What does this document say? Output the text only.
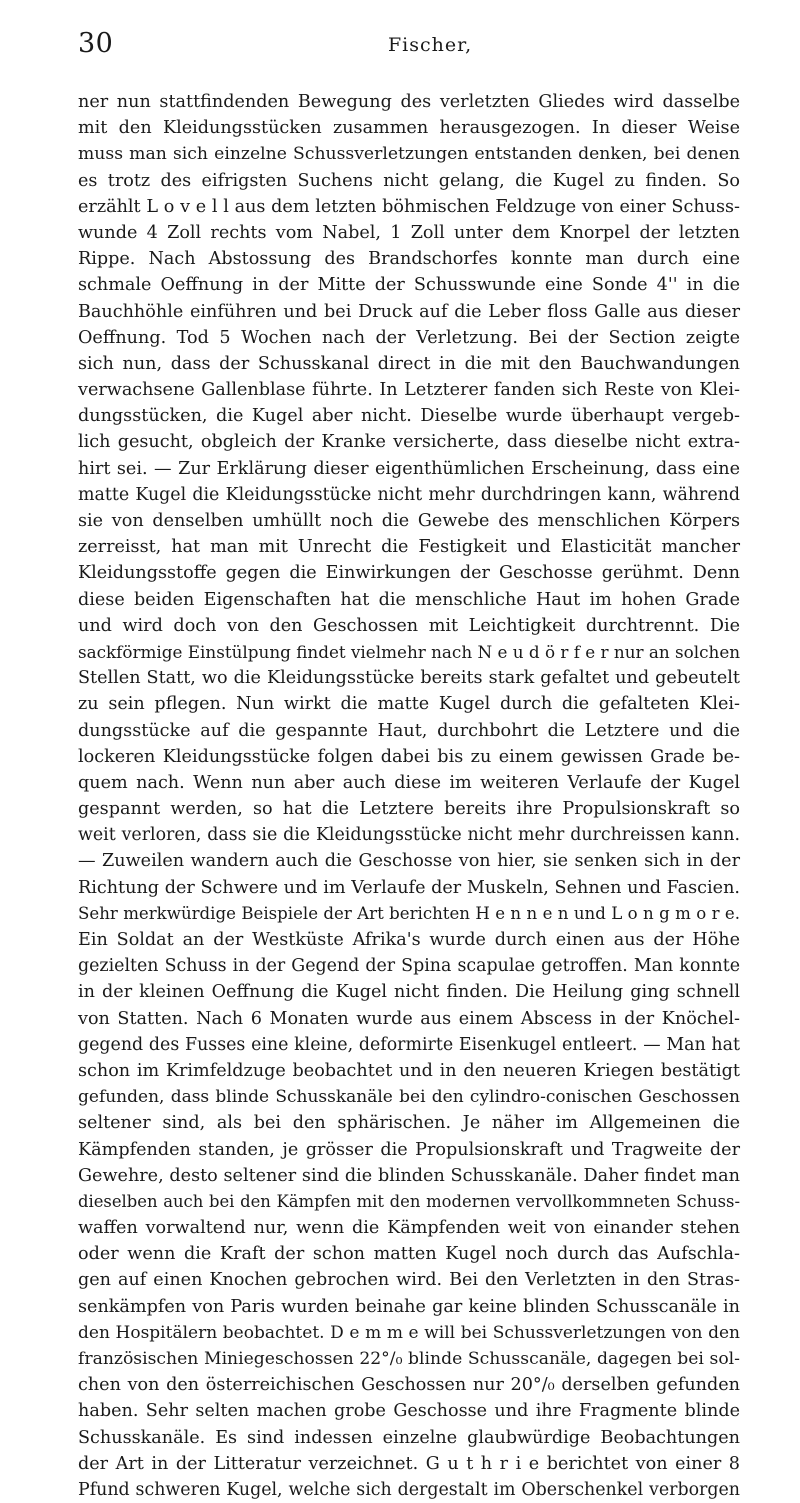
30	Fischer,
ner nun stattfindenden Bewegung des verletzten Gliedes wird dasselbe
mit den Kleidungsstücken zusammen herausgezogen. In dieser Weise
muss man sich einzelne Schussverletzungen entstanden denken, bei denen
es trotz des eifrigsten Suchens nicht gelang, die Kugel zu finden. So
erzählt L o v e l l aus dem letzten böhmischen Feldzuge von einer Schuss-
wunde 4 Zoll rechts vom Nabel, 1 Zoll unter dem Knorpel der letzten
Rippe. Nach Abstossung des Brandschorfes konnte man durch eine
schmale Oeffnung in der Mitte der Schusswunde eine Sonde 4'' in die
Bauchhöhle einführen und bei Druck auf die Leber floss Galle aus dieser
Oeffnung. Tod 5 Wochen nach der Verletzung. Bei der Section zeigte
sich nun, dass der Schusskanal direct in die mit den Bauchwandungen
verwachsene Gallenblase führte. In Letzterer fanden sich Reste von Klei-
dungsstücken, die Kugel aber nicht. Dieselbe wurde überhaupt vergeb-
lich gesucht, obgleich der Kranke versicherte, dass dieselbe nicht extra-
hirt sei. — Zur Erklärung dieser eigenthümlichen Erscheinung, dass eine
matte Kugel die Kleidungsstücke nicht mehr durchdringen kann, während
sie von denselben umhüllt noch die Gewebe des menschlichen Körpers
zerreisst, hat man mit Unrecht die Festigkeit und Elasticität mancher
Kleidungsstoffe gegen die Einwirkungen der Geschosse gerühmt. Denn
diese beiden Eigenschaften hat die menschliche Haut im hohen Grade
und wird doch von den Geschossen mit Leichtigkeit durchtrennt. Die
sackförmige Einstülpung findet vielmehr nach N e u d ö r f e r nur an solchen
Stellen Statt, wo die Kleidungsstücke bereits stark gefaltet und gebeutelt
zu sein pflegen. Nun wirkt die matte Kugel durch die gefalteten Klei-
dungsstücke auf die gespannte Haut, durchbohrt die Letztere und die
lockeren Kleidungsstücke folgen dabei bis zu einem gewissen Grade be-
quem nach. Wenn nun aber auch diese im weiteren Verlaufe der Kugel
gespannt werden, so hat die Letztere bereits ihre Propulsionskraft so
weit verloren, dass sie die Kleidungsstücke nicht mehr durchreissen kann.
— Zuweilen wandern auch die Geschosse von hier, sie senken sich in der
Richtung der Schwere und im Verlaufe der Muskeln, Sehnen und Fascien.
Sehr merkwürdige Beispiele der Art berichten H e n n e n und L o n g m o r e.
Ein Soldat an der Westküste Afrika's wurde durch einen aus der Höhe
gezielten Schuss in der Gegend der Spina scapulae getroffen. Man konnte
in der kleinen Oeffnung die Kugel nicht finden. Die Heilung ging schnell
von Statten. Nach 6 Monaten wurde aus einem Abscess in der Knöchel-
gegend des Fusses eine kleine, deformirte Eisenkugel entleert. — Man hat
schon im Krimfeldzuge beobachtet und in den neueren Kriegen bestätigt
gefunden, dass blinde Schusskanäle bei den cylindro-conischen Geschossen
seltener sind, als bei den sphärischen. Je näher im Allgemeinen die
Kämpfenden standen, je grösser die Propulsionskraft und Tragweite der
Gewehre, desto seltener sind die blinden Schusskanäle. Daher findet man
dieselben auch bei den Kämpfen mit den modernen vervollkommneten Schuss-
waffen vorwaltend nur, wenn die Kämpfenden weit von einander stehen
oder wenn die Kraft der schon matten Kugel noch durch das Aufschla-
gen auf einen Knochen gebrochen wird. Bei den Verletzten in den Stras-
senkämpfen von Paris wurden beinahe gar keine blinden Schusscanäle in
den Hospitälern beobachtet. D e m m e will bei Schussverletzungen von den
französischen Miniegeschossen 22°/₀ blinde Schusscanäle, dagegen bei sol-
chen von den österreichischen Geschossen nur 20°/₀ derselben gefunden
haben. Sehr selten machen grobe Geschosse und ihre Fragmente blinde
Schusskanäle. Es sind indessen einzelne glaubwürdige Beobachtungen
der Art in der Litteratur verzeichnet. G u t h r i e berichtet von einer 8
Pfund schweren Kugel, welche sich dergestalt im Oberschenkel verborgen
